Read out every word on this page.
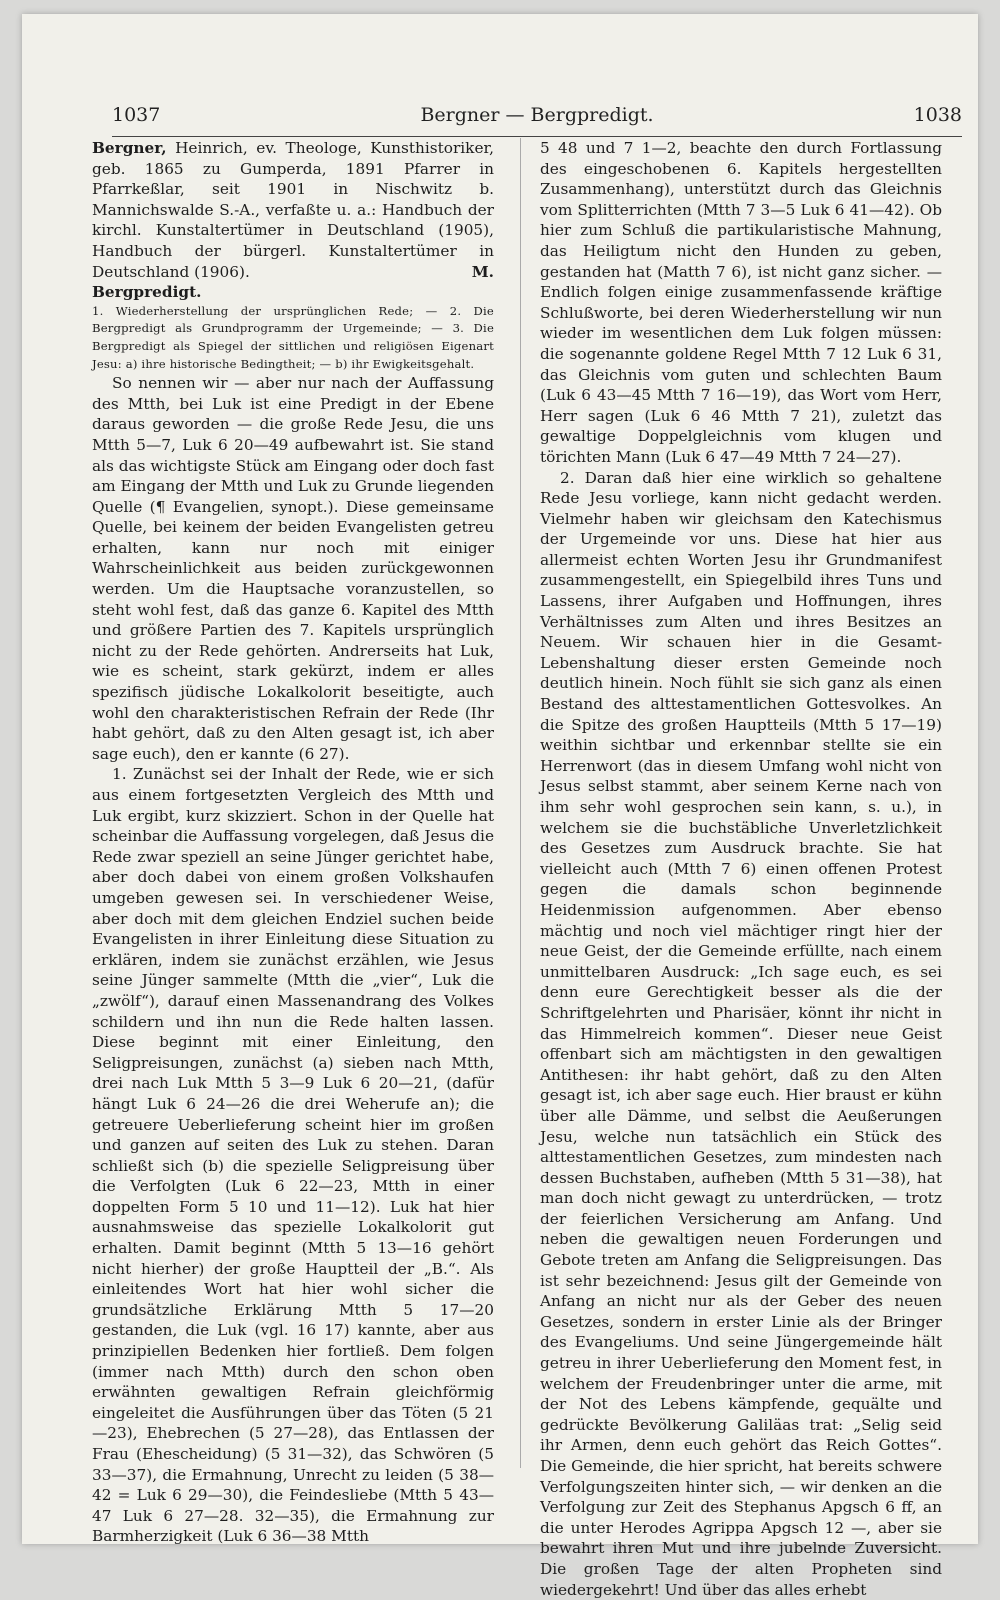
1037	Bergner — Bergpredigt.	1038

Bergner, Heinrich, ev. Theologe, Kunsthistoriker, geb. 1865 zu Gumperda, 1891 Pfarrer in Pfarrkeßlar, seit 1901 in Nischwitz b. Mannichswalde S.-A., verfaßte u. a.: Handbuch der kirchl. Kunstaltertümer in Deutschland (1905), Handbuch der bürgerl. Kunstaltertümer in Deutschland (1906).	M.

Bergpredigt.

1. Wiederherstellung der ursprünglichen Rede; — 2. Die Bergpredigt als Grundprogramm der Urgemeinde; — 3. Die Bergpredigt als Spiegel der sittlichen und religiösen Eigenart Jesu: a) ihre historische Bedingtheit; — b) ihr Ewigkeitsgehalt.

So nennen wir — aber nur nach der Auffassung des Mtth, bei Luk ist eine Predigt in der Ebene daraus geworden — die große Rede Jesu, die uns Mtth 5—7, Luk 6 20—49 aufbewahrt ist. Sie stand als das wichtigste Stück am Eingang oder doch fast am Eingang der Mtth und Luk zu Grunde liegenden Quelle (¶ Evangelien, synopt.). Diese gemeinsame Quelle, bei keinem der beiden Evangelisten getreu erhalten, kann nur noch mit einiger Wahrscheinlichkeit aus beiden zurückgewonnen werden. Um die Hauptsache voranzustellen, so steht wohl fest, daß das ganze 6. Kapitel des Mtth und größere Partien des 7. Kapitels ursprünglich nicht zu der Rede gehörten. Andrerseits hat Luk, wie es scheint, stark gekürzt, indem er alles spezifisch jüdische Lokalkolorit beseitigte, auch wohl den charakteristischen Refrain der Rede (Ihr habt gehört, daß zu den Alten gesagt ist, ich aber sage euch), den er kannte (6 27).

1. Zunächst sei der Inhalt der Rede, wie er sich aus einem fortgesetzten Vergleich des Mtth und Luk ergibt, kurz skizziert. Schon in der Quelle hat scheinbar die Auffassung vorgelegen, daß Jesus die Rede zwar speziell an seine Jünger gerichtet habe, aber doch dabei von einem großen Volkshaufen umgeben gewesen sei. In verschiedener Weise, aber doch mit dem gleichen Endziel suchen beide Evangelisten in ihrer Einleitung diese Situation zu erklären, indem sie zunächst erzählen, wie Jesus seine Jünger sammelte (Mtth die „vier“, Luk die „zwölf“), darauf einen Massenandrang des Volkes schildern und ihn nun die Rede halten lassen. Diese beginnt mit einer Einleitung, den Seligpreisungen, zunächst (a) sieben nach Mtth, drei nach Luk Mtth 5 3—9 Luk 6 20—21, (dafür hängt Luk 6 24—26 die drei Weherufe an); die getreuere Ueberlieferung scheint hier im großen und ganzen auf seiten des Luk zu stehen. Daran schließt sich (b) die spezielle Seligpreisung über die Verfolgten (Luk 6 22—23, Mtth in einer doppelten Form 5 10 und 11—12). Luk hat hier ausnahmsweise das spezielle Lokalkolorit gut erhalten. Damit beginnt (Mtth 5 13—16 gehört nicht hierher) der große Hauptteil der „B.“. Als einleitendes Wort hat hier wohl sicher die grundsätzliche Erklärung Mtth 5 17—20 gestanden, die Luk (vgl. 16 17) kannte, aber aus prinzipiellen Bedenken hier fortließ. Dem folgen (immer nach Mtth) durch den schon oben erwähnten gewaltigen Refrain gleichförmig eingeleitet die Ausführungen über das Töten (5 21—23), Ehebrechen (5 27—28), das Entlassen der Frau (Ehescheidung) (5 31—32), das Schwören (5 33—37), die Ermahnung, Unrecht zu leiden (5 38—42 = Luk 6 29—30), die Feindesliebe (Mtth 5 43—47 Luk 6 27—28. 32—35), die Ermahnung zur Barmherzigkeit (Luk 6 36—38 Mtth

5 48 und 7 1—2, beachte den durch Fortlassung des eingeschobenen 6. Kapitels hergestellten Zusammenhang), unterstützt durch das Gleichnis vom Splitterrichten (Mtth 7 3—5 Luk 6 41—42). Ob hier zum Schluß die partikularistische Mahnung, das Heiligtum nicht den Hunden zu geben, gestanden hat (Matth 7 6), ist nicht ganz sicher. — Endlich folgen einige zusammenfassende kräftige Schlußworte, bei deren Wiederherstellung wir nun wieder im wesentlichen dem Luk folgen müssen: die sogenannte goldene Regel Mtth 7 12 Luk 6 31, das Gleichnis vom guten und schlechten Baum (Luk 6 43—45 Mtth 7 16—19), das Wort vom Herr, Herr sagen (Luk 6 46 Mtth 7 21), zuletzt das gewaltige Doppelgleichnis vom klugen und törichten Mann (Luk 6 47—49 Mtth 7 24—27).

2. Daran daß hier eine wirklich so gehaltene Rede Jesu vorliege, kann nicht gedacht werden. Vielmehr haben wir gleichsam den Katechismus der Urgemeinde vor uns. Diese hat hier aus allermeist echten Worten Jesu ihr Grundmanifest zusammengestellt, ein Spiegelbild ihres Tuns und Lassens, ihrer Aufgaben und Hoffnungen, ihres Verhältnisses zum Alten und ihres Besitzes an Neuem. Wir schauen hier in die Gesamt-Lebenshaltung dieser ersten Gemeinde noch deutlich hinein. Noch fühlt sie sich ganz als einen Bestand des alttestamentlichen Gottesvolkes. An die Spitze des großen Hauptteils (Mtth 5 17—19) weithin sichtbar und erkennbar stellte sie ein Herrenwort (das in diesem Umfang wohl nicht von Jesus selbst stammt, aber seinem Kerne nach von ihm sehr wohl gesprochen sein kann, s. u.), in welchem sie die buchstäbliche Unverletzlichkeit des Gesetzes zum Ausdruck brachte. Sie hat vielleicht auch (Mtth 7 6) einen offenen Protest gegen die damals schon beginnende Heidenmission aufgenommen. Aber ebenso mächtig und noch viel mächtiger ringt hier der neue Geist, der die Gemeinde erfüllte, nach einem unmittelbaren Ausdruck: „Ich sage euch, es sei denn eure Gerechtigkeit besser als die der Schriftgelehrten und Pharisäer, könnt ihr nicht in das Himmelreich kommen“. Dieser neue Geist offenbart sich am mächtigsten in den gewaltigen Antithesen: ihr habt gehört, daß zu den Alten gesagt ist, ich aber sage euch. Hier braust er kühn über alle Dämme, und selbst die Aeußerungen Jesu, welche nun tatsächlich ein Stück des alttestamentlichen Gesetzes, zum mindesten nach dessen Buchstaben, aufheben (Mtth 5 31—38), hat man doch nicht gewagt zu unterdrücken, — trotz der feierlichen Versicherung am Anfang. Und neben die gewaltigen neuen Forderungen und Gebote treten am Anfang die Seligpreisungen. Das ist sehr bezeichnend: Jesus gilt der Gemeinde von Anfang an nicht nur als der Geber des neuen Gesetzes, sondern in erster Linie als der Bringer des Evangeliums. Und seine Jüngergemeinde hält getreu in ihrer Ueberlieferung den Moment fest, in welchem der Freudenbringer unter die arme, mit der Not des Lebens kämpfende, gequälte und gedrückte Bevölkerung Galiläas trat: „Selig seid ihr Armen, denn euch gehört das Reich Gottes“. Die Gemeinde, die hier spricht, hat bereits schwere Verfolgungszeiten hinter sich, — wir denken an die Verfolgung zur Zeit des Stephanus Apgsch 6 ff, an die unter Herodes Agrippa Apgsch 12 —, aber sie bewahrt ihren Mut und ihre jubelnde Zuversicht. Die großen Tage der alten Propheten sind wiedergekehrt! Und über das alles erhebt
